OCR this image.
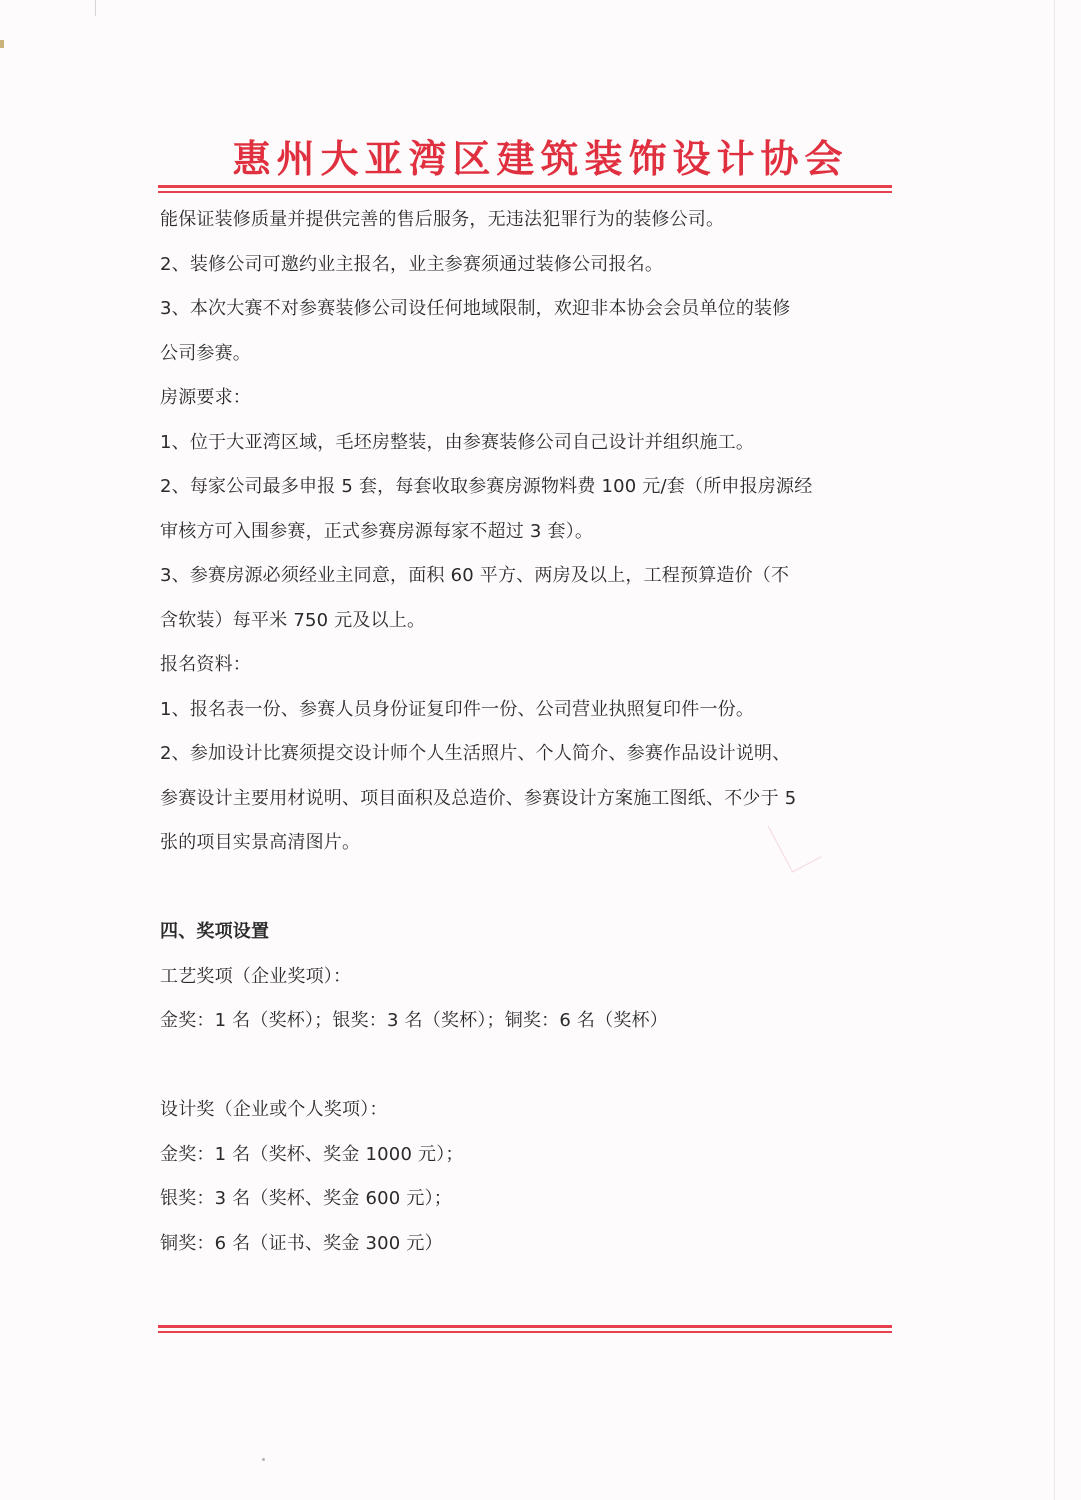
惠州大亚湾区建筑装饰设计协会
能保证装修质量并提供完善的售后服务，无违法犯罪行为的装修公司。
2、装修公司可邀约业主报名，业主参赛须通过装修公司报名。
3、本次大赛不对参赛装修公司设任何地域限制，欢迎非本协会会员单位的装修
公司参赛。
房源要求：
1、位于大亚湾区域，毛坯房整装，由参赛装修公司自己设计并组织施工。
2、每家公司最多申报 5 套，每套收取参赛房源物料费 100 元/套（所申报房源经
审核方可入围参赛，正式参赛房源每家不超过 3 套）。
3、参赛房源必须经业主同意，面积 60 平方、两房及以上，工程预算造价（不
含软装）每平米 750 元及以上。
报名资料：
1、报名表一份、参赛人员身份证复印件一份、公司营业执照复印件一份。
2、参加设计比赛须提交设计师个人生活照片、个人简介、参赛作品设计说明、
参赛设计主要用材说明、项目面积及总造价、参赛设计方案施工图纸、不少于 5
张的项目实景高清图片。
四、奖项设置
工艺奖项（企业奖项）：
金奖：1 名（奖杯）；银奖：3 名（奖杯）；铜奖：6 名（奖杯）
设计奖（企业或个人奖项）：
金奖：1 名（奖杯、奖金 1000 元）；
银奖：3 名（奖杯、奖金 600 元）；
铜奖：6 名（证书、奖金 300 元）
